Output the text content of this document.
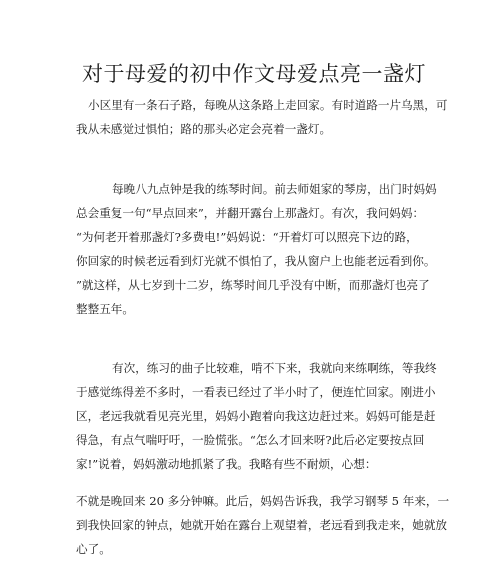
对于母爱的初中作文母爱点亮一盏灯
小区里有一条石子路，每晚从这条路上走回家。有时道路一片乌黑，可
我从未感觉过惧怕；路的那头必定会亮着一盏灯。
每晚八九点钟是我的练琴时间。前去师姐家的琴房，出门时妈妈
总会重复一句“早点回来”，并翻开露台上那盏灯。有次，我问妈妈：
“为何老开着那盏灯?多费电!”妈妈说：“开着灯可以照亮下边的路，
你回家的时候老远看到灯光就不惧怕了，我从窗户上也能老远看到你。
”就这样，从七岁到十二岁，练琴时间几乎没有中断，而那盏灯也亮了
整整五年。
有次，练习的曲子比较难，啃不下来，我就向来练啊练，等我终
于感觉练得差不多时，一看表已经过了半小时了，便连忙回家。刚进小
区，老远我就看见亮光里，妈妈小跑着向我这边赶过来。妈妈可能是赶
得急，有点气喘吁吁，一脸慌张。“怎么才回来呀?此后必定要按点回
家!”说着，妈妈激动地抓紧了我。我略有些不耐烦，心想：
不就是晚回来 20 多分钟嘛。此后，妈妈告诉我，我学习钢琴 5 年来，一
到我快回家的钟点，她就开始在露台上观望着，老远看到我走来，她就放
心了。
